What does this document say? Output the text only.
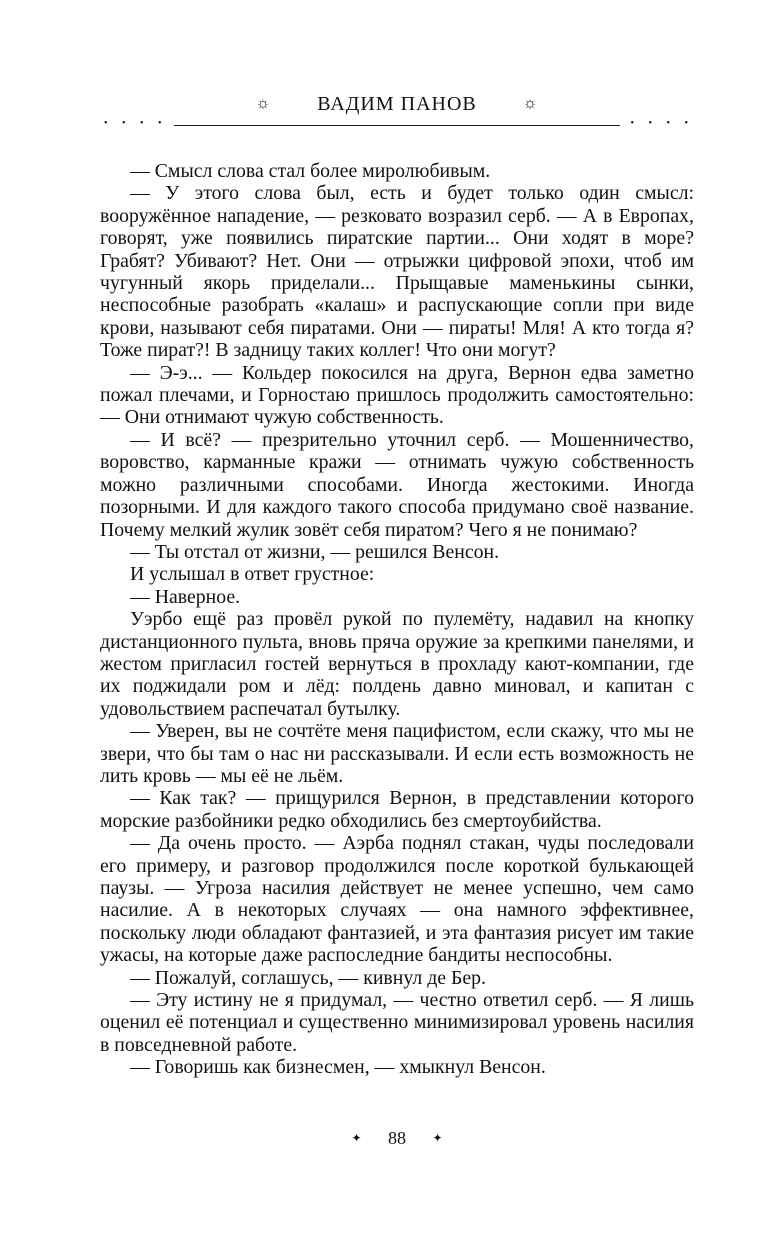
☼ ВАДИМ ПАНОВ	☼
• • • •	• • • •

— Смысл слова стал более миролюбивым.

— У этого слова был, есть и будет только один смысл: вооружённое нападение, — резковато возразил серб. — А в Европах, говорят, уже появились пиратские партии... Они ходят в море? Грабят? Убивают? Нет. Они — отрыжки цифровой эпохи, чтоб им чугунный якорь приделали... Прыщавые маменькины сынки, неспособные разобрать «калаш» и распускающие сопли при виде крови, называют себя пиратами. Они — пираты! Мля! А кто тогда я? Тоже пират?! В задницу таких коллег! Что они могут?

— Э-э... — Кольдер покосился на друга, Вернон едва заметно пожал плечами, и Горностаю пришлось продолжить самостоятельно: — Они отнимают чужую собственность.

— И всё? — презрительно уточнил серб. — Мошенничество, воровство, карманные кражи — отнимать чужую собственность можно различными способами. Иногда жестокими. Иногда позорными. И для каждого такого способа придумано своё название. Почему мелкий жулик зовёт себя пиратом? Чего я не понимаю?

— Ты отстал от жизни, — решился Венсон.

И услышал в ответ грустное:

— Наверное.

Уэрбо ещё раз провёл рукой по пулемёту, надавил на кнопку дистанционного пульта, вновь пряча оружие за крепкими панелями, и жестом пригласил гостей вернуться в прохладу кают-компании, где их поджидали ром и лёд: полдень давно миновал, и капитан с удовольствием распечатал бутылку.

— Уверен, вы не сочтёте меня пацифистом, если скажу, что мы не звери, что бы там о нас ни рассказывали. И если есть возможность не лить кровь — мы её не льём.

— Как так? — прищурился Вернон, в представлении которого морские разбойники редко обходились без смертоубийства.

— Да очень просто. — Аэрба поднял стакан, чуды последовали его примеру, и разговор продолжился после короткой булькающей паузы. — Угроза насилия действует не менее успешно, чем само насилие. А в некоторых случаях — она намного эффективнее, поскольку люди обладают фантазией, и эта фантазия рисует им такие ужасы, на которые даже распоследние бандиты неспособны.

— Пожалуй, соглашусь, — кивнул де Бер.

— Эту истину не я придумал, — честно ответил серб. — Я лишь оценил её потенциал и существенно минимизировал уровень насилия в повседневной работе.

— Говоришь как бизнесмен, — хмыкнул Венсон.

✦ 88 ✦
